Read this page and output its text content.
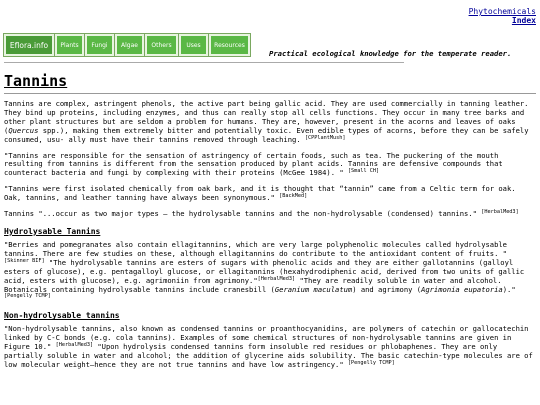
Phytochemicals
Index
Eflora.info	Plants	Fungi	Algae	Others	Uses	Resources
Practical ecological knowledge for the temperate reader.
Tannins

Tannins are complex, astringent phenols, the active part being gallic acid. They are used commercially in tanning leather. They bind up proteins, including enzymes, and thus can really stop all cells functions. They occur in many tree barks and other plant structures but are seldom a problem for humans. They are, however, present in the acorns and leaves of oaks (Quercus spp.), making them extremely bitter and potentially toxic. Even edible types of acorns, before they can be safely consumed, usu- ally must have their tannins removed through leaching. [CPPlantMush]

"Tannins are responsible for the sensation of astringency of certain foods, such as tea. The puckering of the mouth resulting from tannins is different from the sensation produced by plant acids. Tannins are defensive compounds that counteract bacteria and fungi by complexing with their proteins (McGee 1984). " [Small CH]

"Tannins were first isolated chemically from oak bark, and it is thought that “tannin” came from a Celtic term for oak. Oak, tannins, and leather tanning have always been synonymous." [BackMed]

Tannins "...occur as two major types – the hydrolysable tannins and the non-hydrolysable (condensed) tannins." [HerbalMed3]

Hydrolysable Tannins

"Berries and pomegranates also contain ellagitannins, which are very large polyphenolic molecules called hydrolysable tannins. There are few studies on these, although ellagitannins do contribute to the antioxidant content of fruits. " [Skinner BIF] "The hydrolysable tannins are esters of sugars with phenolic acids and they are either gallotannins (galloyl esters of glucose), e.g. pentagalloyl glucose, or ellagitannins (hexahydrodiphenic acid, derived from two units of gallic acid, esters with glucose), e.g. agrimoniin from agrimony."[HerbalMed3] "They are readily soluble in water and alcohol. Botanicals containing hydrolysable tannins include cranesbill (Geranium maculatum) and agrimony (Agrimonia eupatoria)." [Pengelly TCMP]

Non-hydrolysable tannins

"Non-hydrolysable tannins, also known as condensed tannins or proanthocyanidins, are polymers of catechin or gallocatechin linked by C-C bonds (e.g. cola tannins). Examples of some chemical structures of non-hydrolysable tannins are given in Figure 10." [HerbalMed3] "Upon hydrolysis condensed tannins form insoluble red residues or phlobaphenes. They are only partially soluble in water and alcohol; the addition of glycerine aids solubility. The basic catechin-type molecules are of low molecular weight—hence they are not true tannins and have low astringency." [Pengelly TCMP]
